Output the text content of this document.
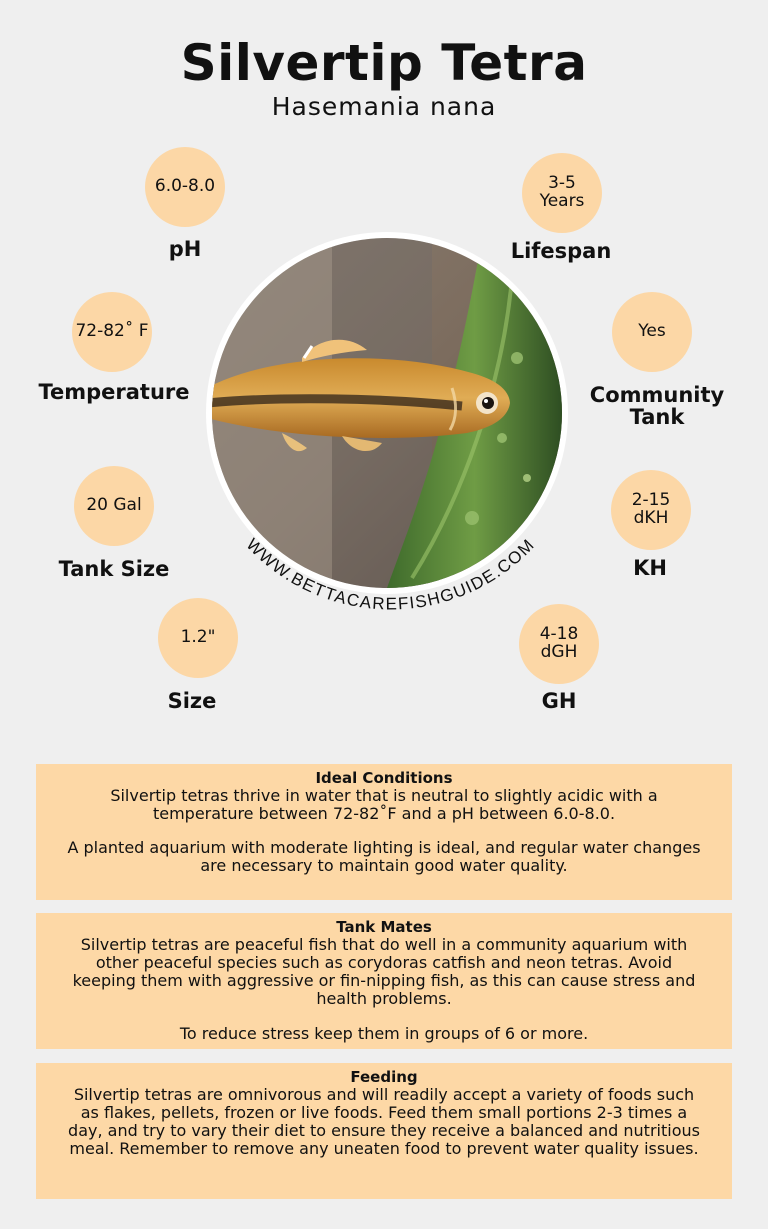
Silvertip Tetra
Hasemania nana
6.0-8.0
pH
72-82˚ F
Temperature
20 Gal
Tank Size
1.2"
Size
3-5
Years
Lifespan
Yes
Community
Tank
2-15
dKH
KH
4-18
dGH
GH
WWW.BETTACAREFISHGUIDE.COM
Ideal Conditions
Silvertip tetras thrive in water that is neutral to slightly acidic with a temperature between 72-82˚F and a pH between 6.0-8.0.
A planted aquarium with moderate lighting is ideal, and regular water changes are necessary to maintain good water quality.
Tank Mates
Silvertip tetras are peaceful fish that do well in a community aquarium with other peaceful species such as corydoras catfish and neon tetras. Avoid keeping them with aggressive or fin-nipping fish, as this can cause stress and health problems.
To reduce stress keep them in groups of 6 or more.
Feeding
Silvertip tetras are omnivorous and will readily accept a variety of foods such as flakes, pellets, frozen or live foods. Feed them small portions 2-3 times a day, and try to vary their diet to ensure they receive a balanced and nutritious meal. Remember to remove any uneaten food to prevent water quality issues.
